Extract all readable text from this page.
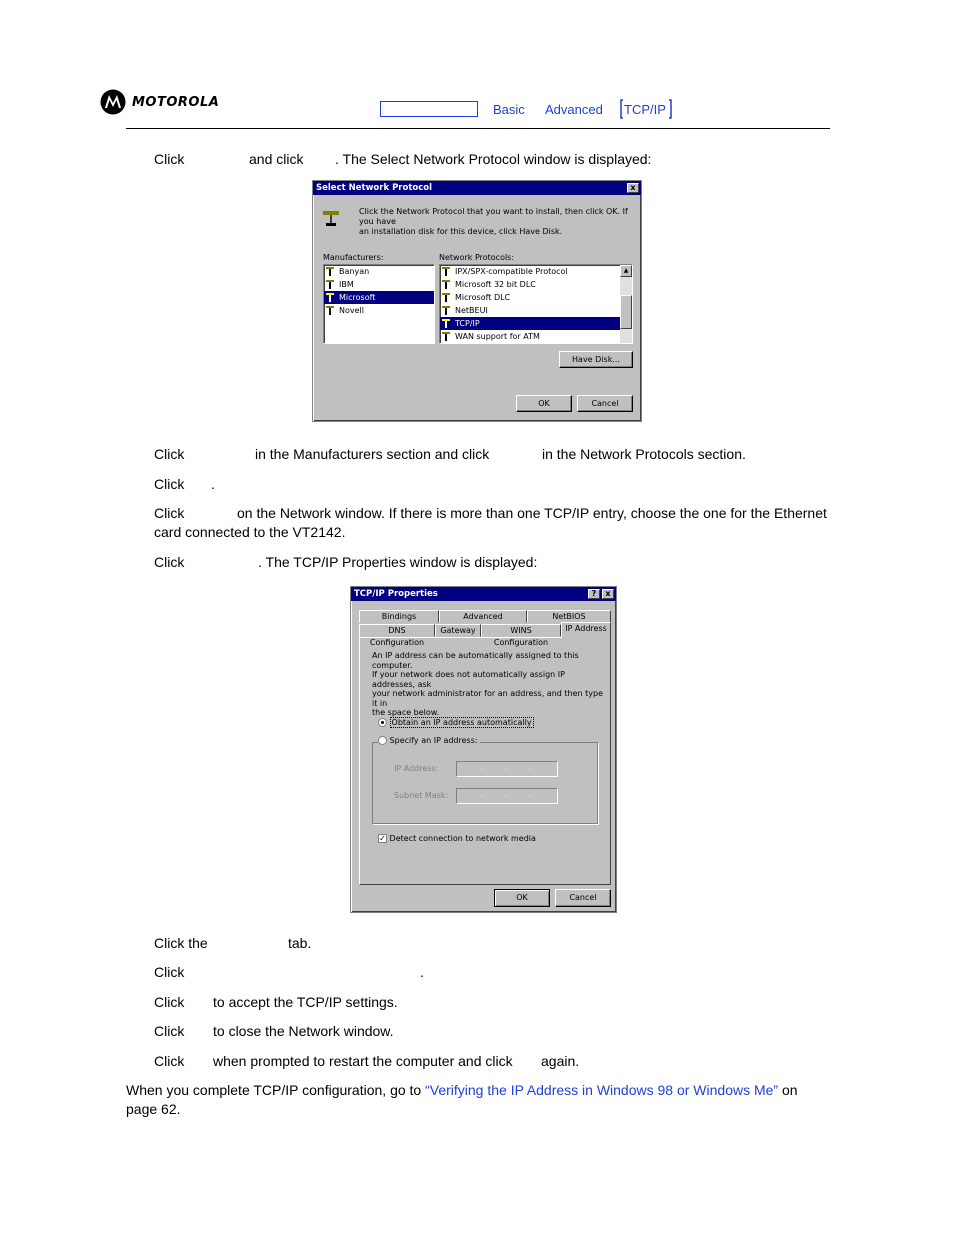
MOTOROLA	Basic Advanced TCP/IP
Click	and click . The Select Network Protocol window is displayed:
Select Network Protocol	x
Click the Network Protocol that you want to install, then click OK. If you have
an installation disk for this device, click Have Disk.
Manufacturers:
Banyan
IBM
Microsoft
Novell
Network Protocols:
IPX/SPX-compatible Protocol
Microsoft 32 bit DLC
Microsoft DLC
NetBEUI
TCP/IP
WAN support for ATM
▲
Have Disk...
OK	Cancel
Click	in the Manufacturers section and click	in the Network Protocols section.
Click .
Click	on the Network window. If there is more than one TCP/IP entry, choose the one for the Ethernet
card connected to the VT2142.
Click	. The TCP/IP Properties window is displayed:
TCP/IP Properties	?	x
Bindings	Advanced	NetBIOS
DNS Configuration
Gateway	WINS Configuration
IP Address
An IP address can be automatically assigned to this computer.
If your network does not automatically assign IP addresses, ask
your network administrator for an address, and then type it in
the space below.
Obtain an IP address automatically
Specify an IP address:
IP Address:	.	.	.
Subnet Mask:	.	.	.
✓ Detect connection to network media
OK	Cancel
Click the	tab.
Click	.
Click to accept the TCP/IP settings.
Click to close the Network window.
Click when prompted to restart the computer and click again.
When you complete TCP/IP configuration, go to “Verifying the IP Address in Windows 98 or Windows Me” on
page 62.
